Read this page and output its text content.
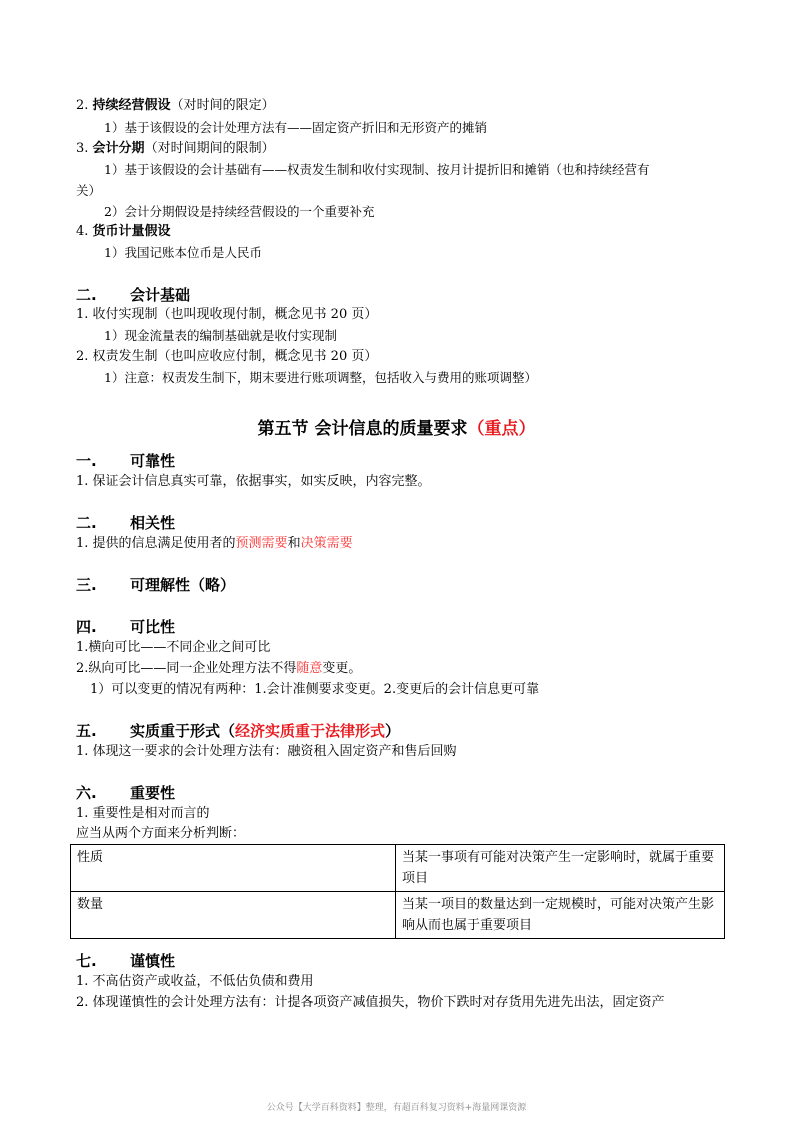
2. 持续经营假设（对时间的限定）
1）基于该假设的会计处理方法有——固定资产折旧和无形资产的摊销
3. 会计分期（对时间期间的限制）
1）基于该假设的会计基础有——权责发生制和收付实现制、按月计提折旧和摊销（也和持续经营有
关）
2）会计分期假设是持续经营假设的一个重要补充
4. 货币计量假设
1）我国记账本位币是人民币
二. 会计基础
1. 收付实现制（也叫现收现付制，概念见书 20 页）
1）现金流量表的编制基础就是收付实现制
2. 权责发生制（也叫应收应付制，概念见书 20 页）
1）注意：权责发生制下，期末要进行账项调整，包括收入与费用的账项调整）
第五节 会计信息的质量要求（重点）
一. 可靠性
1. 保证会计信息真实可靠，依据事实，如实反映，内容完整。
二. 相关性
1. 提供的信息满足使用者的预测需要和决策需要
三. 可理解性（略）
四. 可比性
1.横向可比——不同企业之间可比
2.纵向可比——同一企业处理方法不得随意变更。
1）可以变更的情况有两种：1.会计准侧要求变更。2.变更后的会计信息更可靠
五. 实质重于形式（经济实质重于法律形式）
1. 体现这一要求的会计处理方法有：融资租入固定资产和售后回购
六. 重要性
1. 重要性是相对而言的
应当从两个方面来分析判断：
性质	当某一事项有可能对决策产生一定影响时，就属于重要项目
数量	当某一项目的数量达到一定规模时，可能对决策产生影响从而也属于重要项目
七. 谨慎性
1. 不高估资产或收益，不低估负债和费用
2. 体现谨慎性的会计处理方法有：计提各项资产减值损失，物价下跌时对存货用先进先出法，固定资产
公众号【大学百科资料】整理，有超百科复习资料+海量网课资源
